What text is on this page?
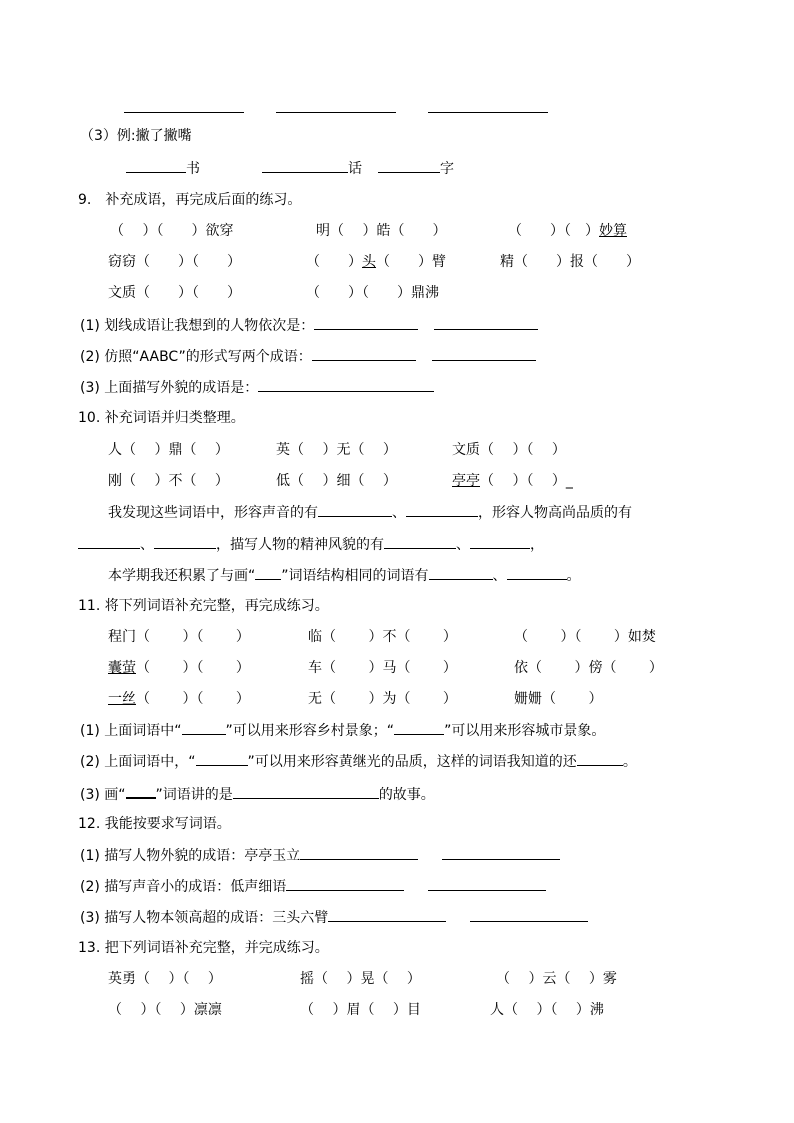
（3）例:撇了撇嘴
书	话	字
9.　补充成语，再完成后面的练习。
（　 ）（　　）欲穿	明（　 ）皓（　　）	（　　）（　）妙算
窃窃（　　）（　　）	（　　）头（　　）臂	精（　　）报（　　）
文质（　　）（　　）	（　　）（　　）鼎沸
(1) 划线成语让我想到的人物依次是：
(2) 仿照“AABC”的形式写两个成语：
(3) 上面描写外貌的成语是：
10. 补充词语并归类整理。
人（　 ）鼎（　 ）	英（　 ）无（　 ）	文质（　 ）（　 ）
刚（　 ）不（　 ）	低（　 ）细（　 ）	亭亭（　 ）（　 ）_
我发现这些词语中，形容声音的有	、	，形容人物高尚品质的有
、	，描写人物的精神风貌的有	、	，
本学期我还积累了与画“ ”词语结构相同的词语有	、	。
11. 将下列词语补充完整，再完成练习。
程门（　　 ）（　　 ）	临（　　 ）不（　　 ）	（　　 ）（　　 ）如焚
囊萤（　　 ）（　　 ）	车（　　 ）马（　　 ）	依（　　 ）傍（　　 ）
一丝（　　 ）（　　 ）	无（　　 ）为（　　 ）	姗姗（　　 ）
(1) 上面词语中“	”可以用来形容乡村景象；“	”可以用来形容城市景象。
(2) 上面词语中，“	”可以用来形容黄继光的品质，这样的词语我知道的还	。
(3) 画“ ”词语讲的是	的故事。
12. 我能按要求写词语。
(1) 描写人物外貌的成语：亭亭玉立
(2) 描写声音小的成语：低声细语
(3) 描写人物本领高超的成语：三头六臂
13. 把下列词语补充完整，并完成练习。
英勇（　 ）（　 ）	摇（　 ）晃（　 ）	（　 ）云（　 ）雾
（　 ）（　 ）凛凛	（　 ）眉（　 ）目	人（　 ）（　 ）沸
